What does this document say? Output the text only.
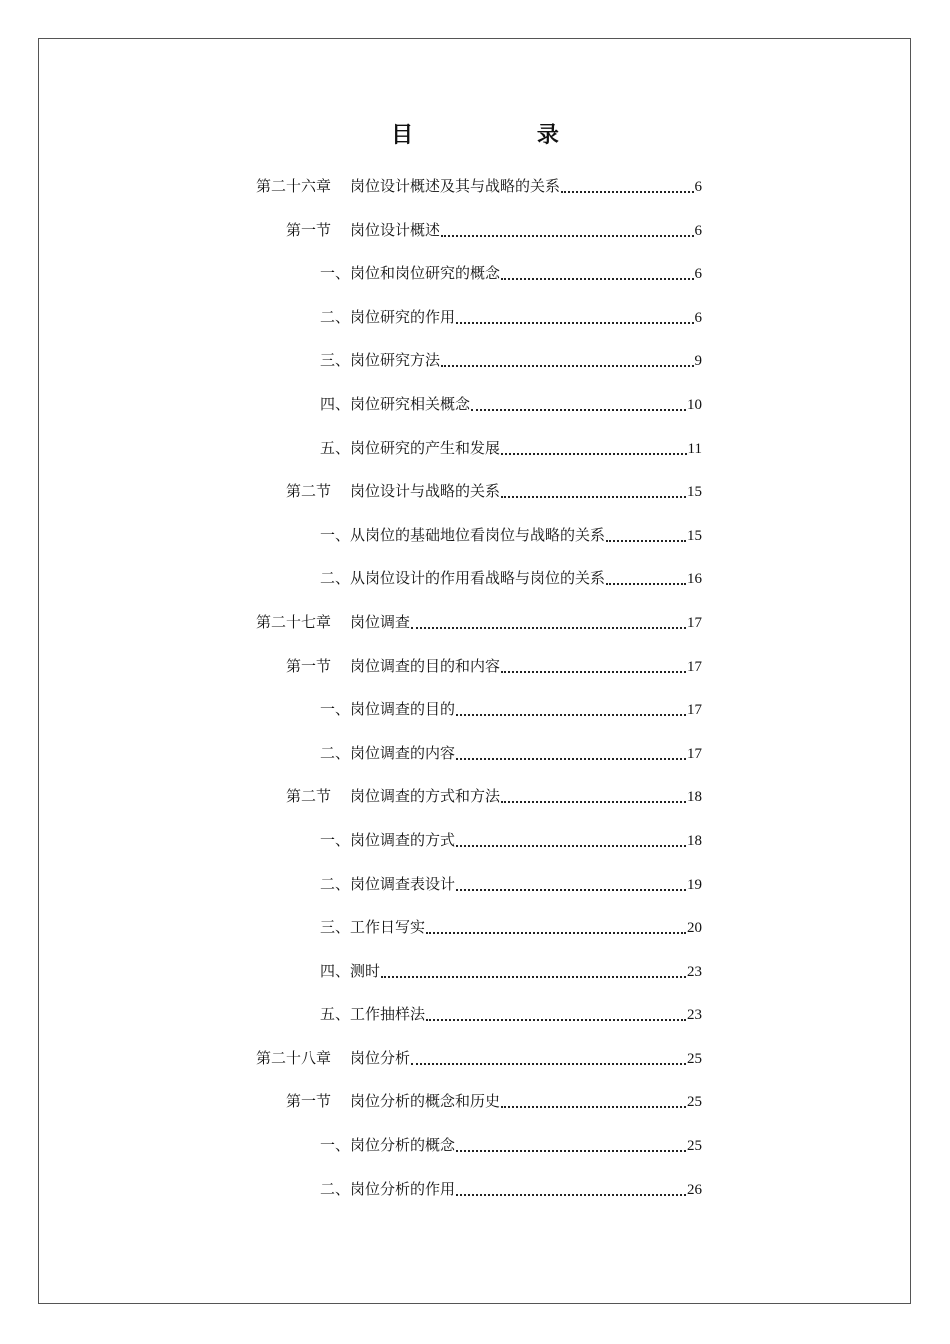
目 录
第二十六章 岗位设计概述及其与战略的关系	6
第一节 岗位设计概述	6
一、 岗位和岗位研究的概念	6
二、 岗位研究的作用	6
三、 岗位研究方法	9
四、 岗位研究相关概念	10
五、 岗位研究的产生和发展	11
第二节 岗位设计与战略的关系	15
一、 从岗位的基础地位看岗位与战略的关系	15
二、 从岗位设计的作用看战略与岗位的关系	16
第二十七章 岗位调查	17
第一节 岗位调查的目的和内容	17
一、 岗位调查的目的	17
二、 岗位调查的内容	17
第二节 岗位调查的方式和方法	18
一、 岗位调查的方式	18
二、 岗位调查表设计	19
三、 工作日写实	20
四、 测时	23
五、 工作抽样法	23
第二十八章 岗位分析	25
第一节 岗位分析的概念和历史	25
一、 岗位分析的概念	25
二、 岗位分析的作用	26
